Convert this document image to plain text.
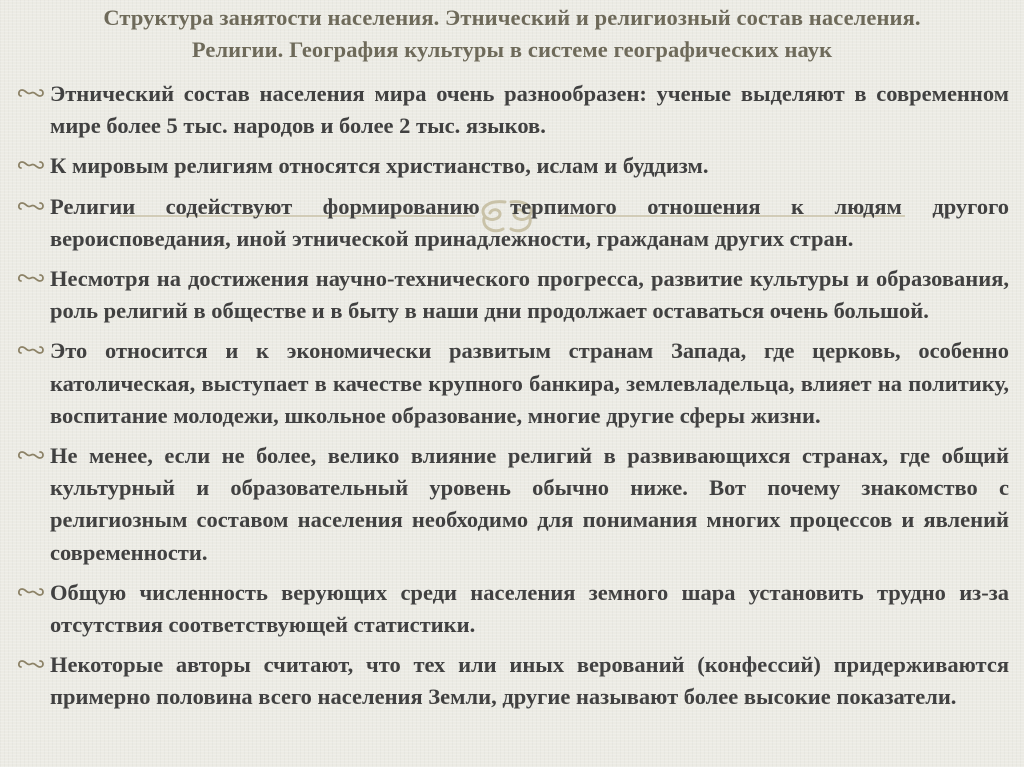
Структура занятости населения. Этнический и религиозный состав населения.
Религии. География культуры в системе географических наук
Этнический состав населения мира очень разнообразен: ученые выделяют в современном мире более 5 тыс. народов и более 2 тыс. языков.
К мировым религиям относятся христианство, ислам и буддизм.
Религии содействуют формированию терпимого отношения к людям другого вероисповедания, иной этнической принадлежности, гражданам других стран.
Несмотря на достижения научно-технического прогресса, развитие культуры и образования, роль религий в обществе и в быту в наши дни продолжает оставаться очень большой.
Это относится и к экономически развитым странам Запада, где церковь, особенно католическая, выступает в качестве крупного банкира, землевладельца, влияет на политику, воспитание молодежи, школьное образование, многие другие сферы жизни.
Не менее, если не более, велико влияние религий в развивающихся странах, где общий культурный и образовательный уровень обычно ниже. Вот почему знакомство с религиозным составом населения необходимо для понимания многих процессов и явлений современности.
Общую численность верующих среди населения земного шара установить трудно из-за отсутствия соответствующей статистики.
Некоторые авторы считают, что тех или иных верований (конфессий) придерживаются примерно половина всего населения Земли, другие называют более высокие показатели.
